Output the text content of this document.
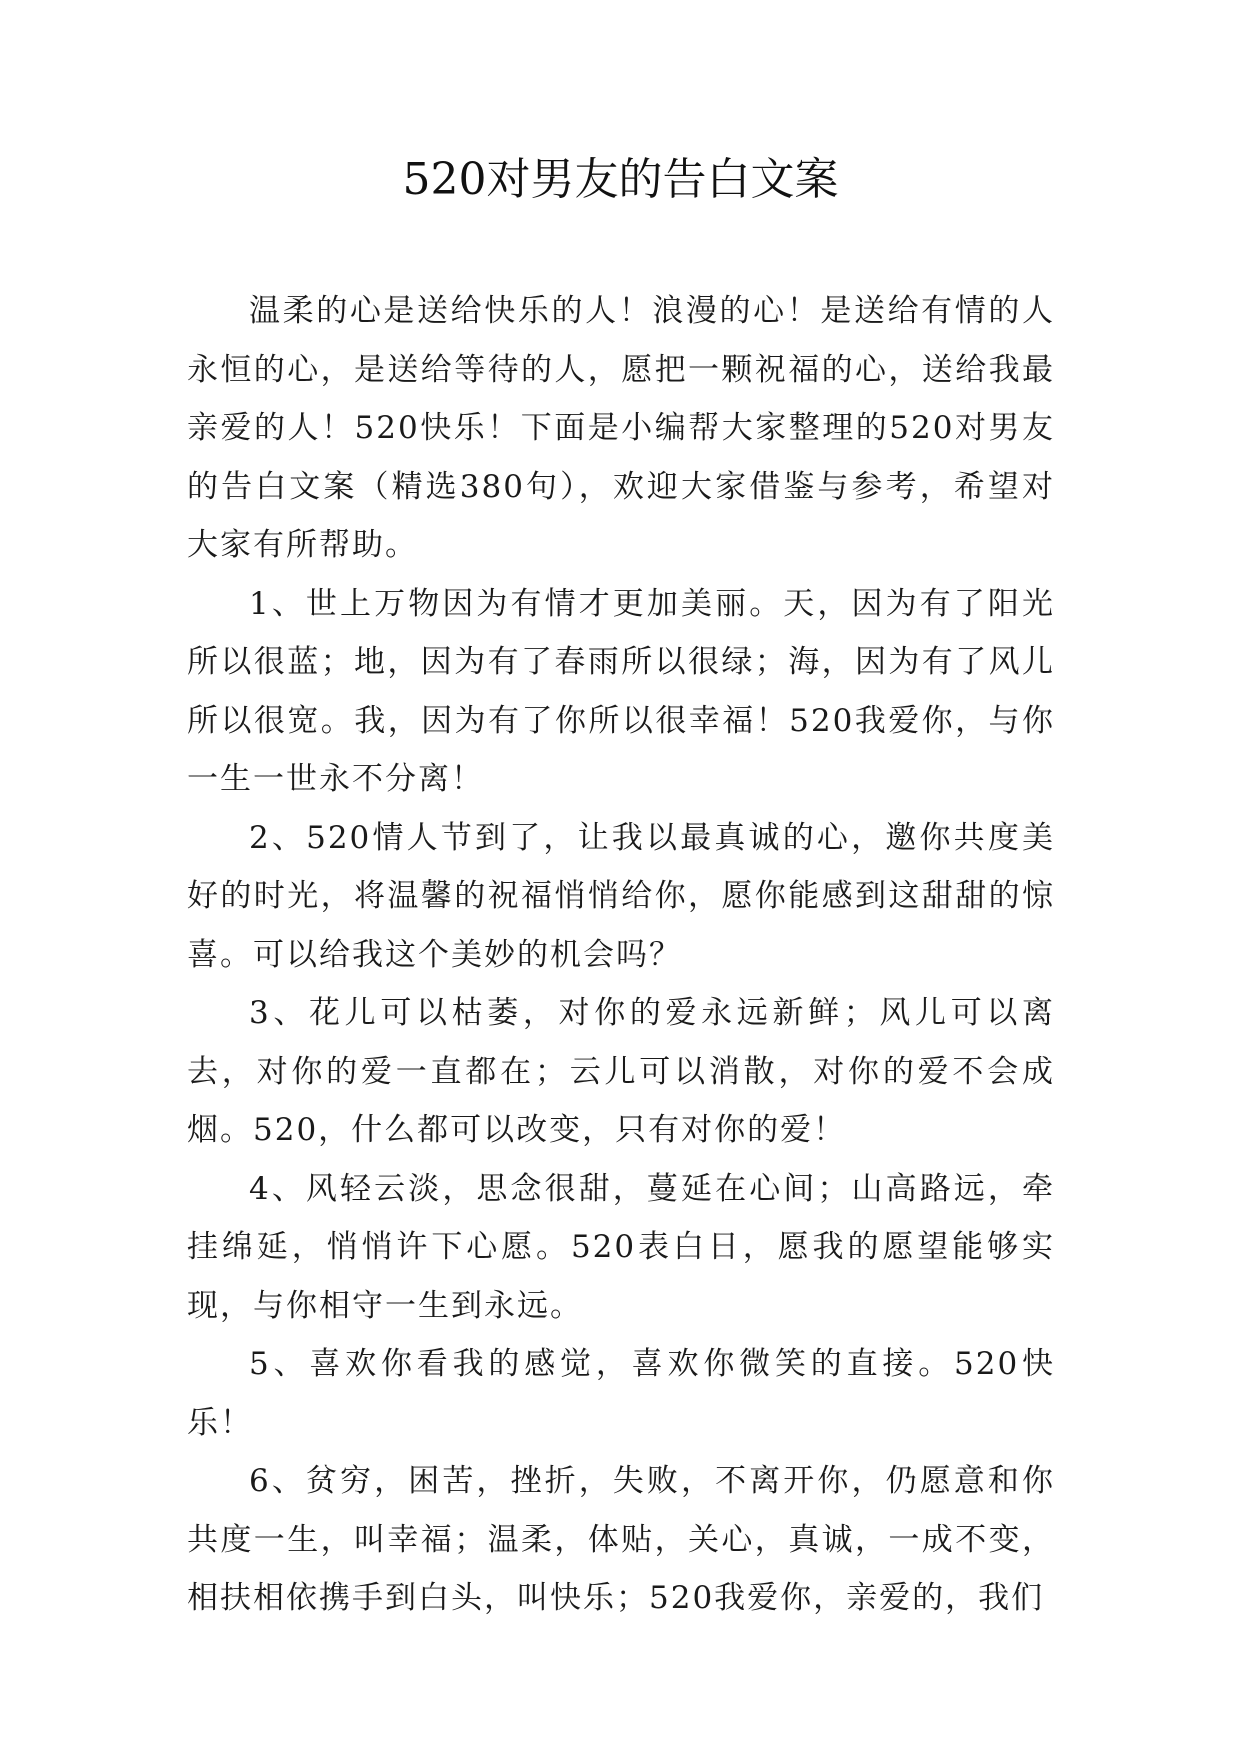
520对男友的告白文案

温柔的心是送给快乐的人！浪漫的心！是送给有情的人永恒的心，是送给等待的人，愿把一颗祝福的心，送给我最亲爱的人！520快乐！下面是小编帮大家整理的520对男友的告白文案（精选380句），欢迎大家借鉴与参考，希望对大家有所帮助。

1、世上万物因为有情才更加美丽。天，因为有了阳光所以很蓝；地，因为有了春雨所以很绿；海，因为有了风儿所以很宽。我，因为有了你所以很幸福！520我爱你，与你一生一世永不分离！

2、520情人节到了，让我以最真诚的心，邀你共度美好的时光，将温馨的祝福悄悄给你，愿你能感到这甜甜的惊喜。可以给我这个美妙的机会吗？

3、花儿可以枯萎，对你的爱永远新鲜；风儿可以离去，对你的爱一直都在；云儿可以消散，对你的爱不会成烟。520，什么都可以改变，只有对你的爱！

4、风轻云淡，思念很甜，蔓延在心间；山高路远，牵挂绵延，悄悄许下心愿。520表白日，愿我的愿望能够实现，与你相守一生到永远。

5、喜欢你看我的感觉，喜欢你微笑的直接。520快乐！

6、贫穷，困苦，挫折，失败，不离开你，仍愿意和你共度一生，叫幸福；温柔，体贴，关心，真诚，一成不变，相扶相依携手到白头，叫快乐；520我爱你，亲爱的，我们
